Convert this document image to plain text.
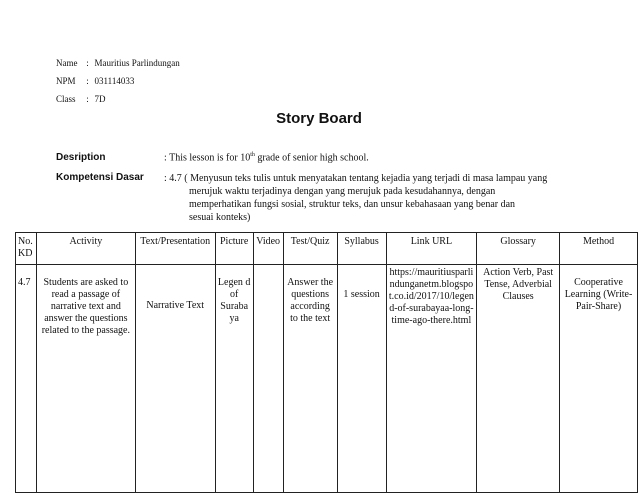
Name : Mauritius Parlindungan
NPM : 031114033
Class : 7D
Story Board
Desription	: This lesson is for 10th grade of senior high school.
Kompetensi Dasar	: 4.7 ( Menyusun teks tulis untuk menyatakan tentang kejadia yang terjadi di masa lampau yang
merujuk waktu terjadinya dengan yang merujuk pada kesudahannya, dengan
memperhatikan fungsi sosial, struktur teks, dan unsur kebahasaan yang benar dan
sesuai konteks)
No. KD	Activity	Text/Presentation	Picture	Video	Test/Quiz	Syllabus	Link URL	Glossary	Method
4.7	Students are asked to read a passage of narrative text and answer the questions related to the passage.	Narrative Text	Legen d of Suraba ya		Answer the questions according to the text	1 session	https://mauritiusparlindunganetm.blogspot.co.id/2017/10/legend-of-surabayaa-long-time-ago-there.html	Action Verb, Past Tense, Adverbial Clauses	Cooperative Learning (Write-Pair-Share)
